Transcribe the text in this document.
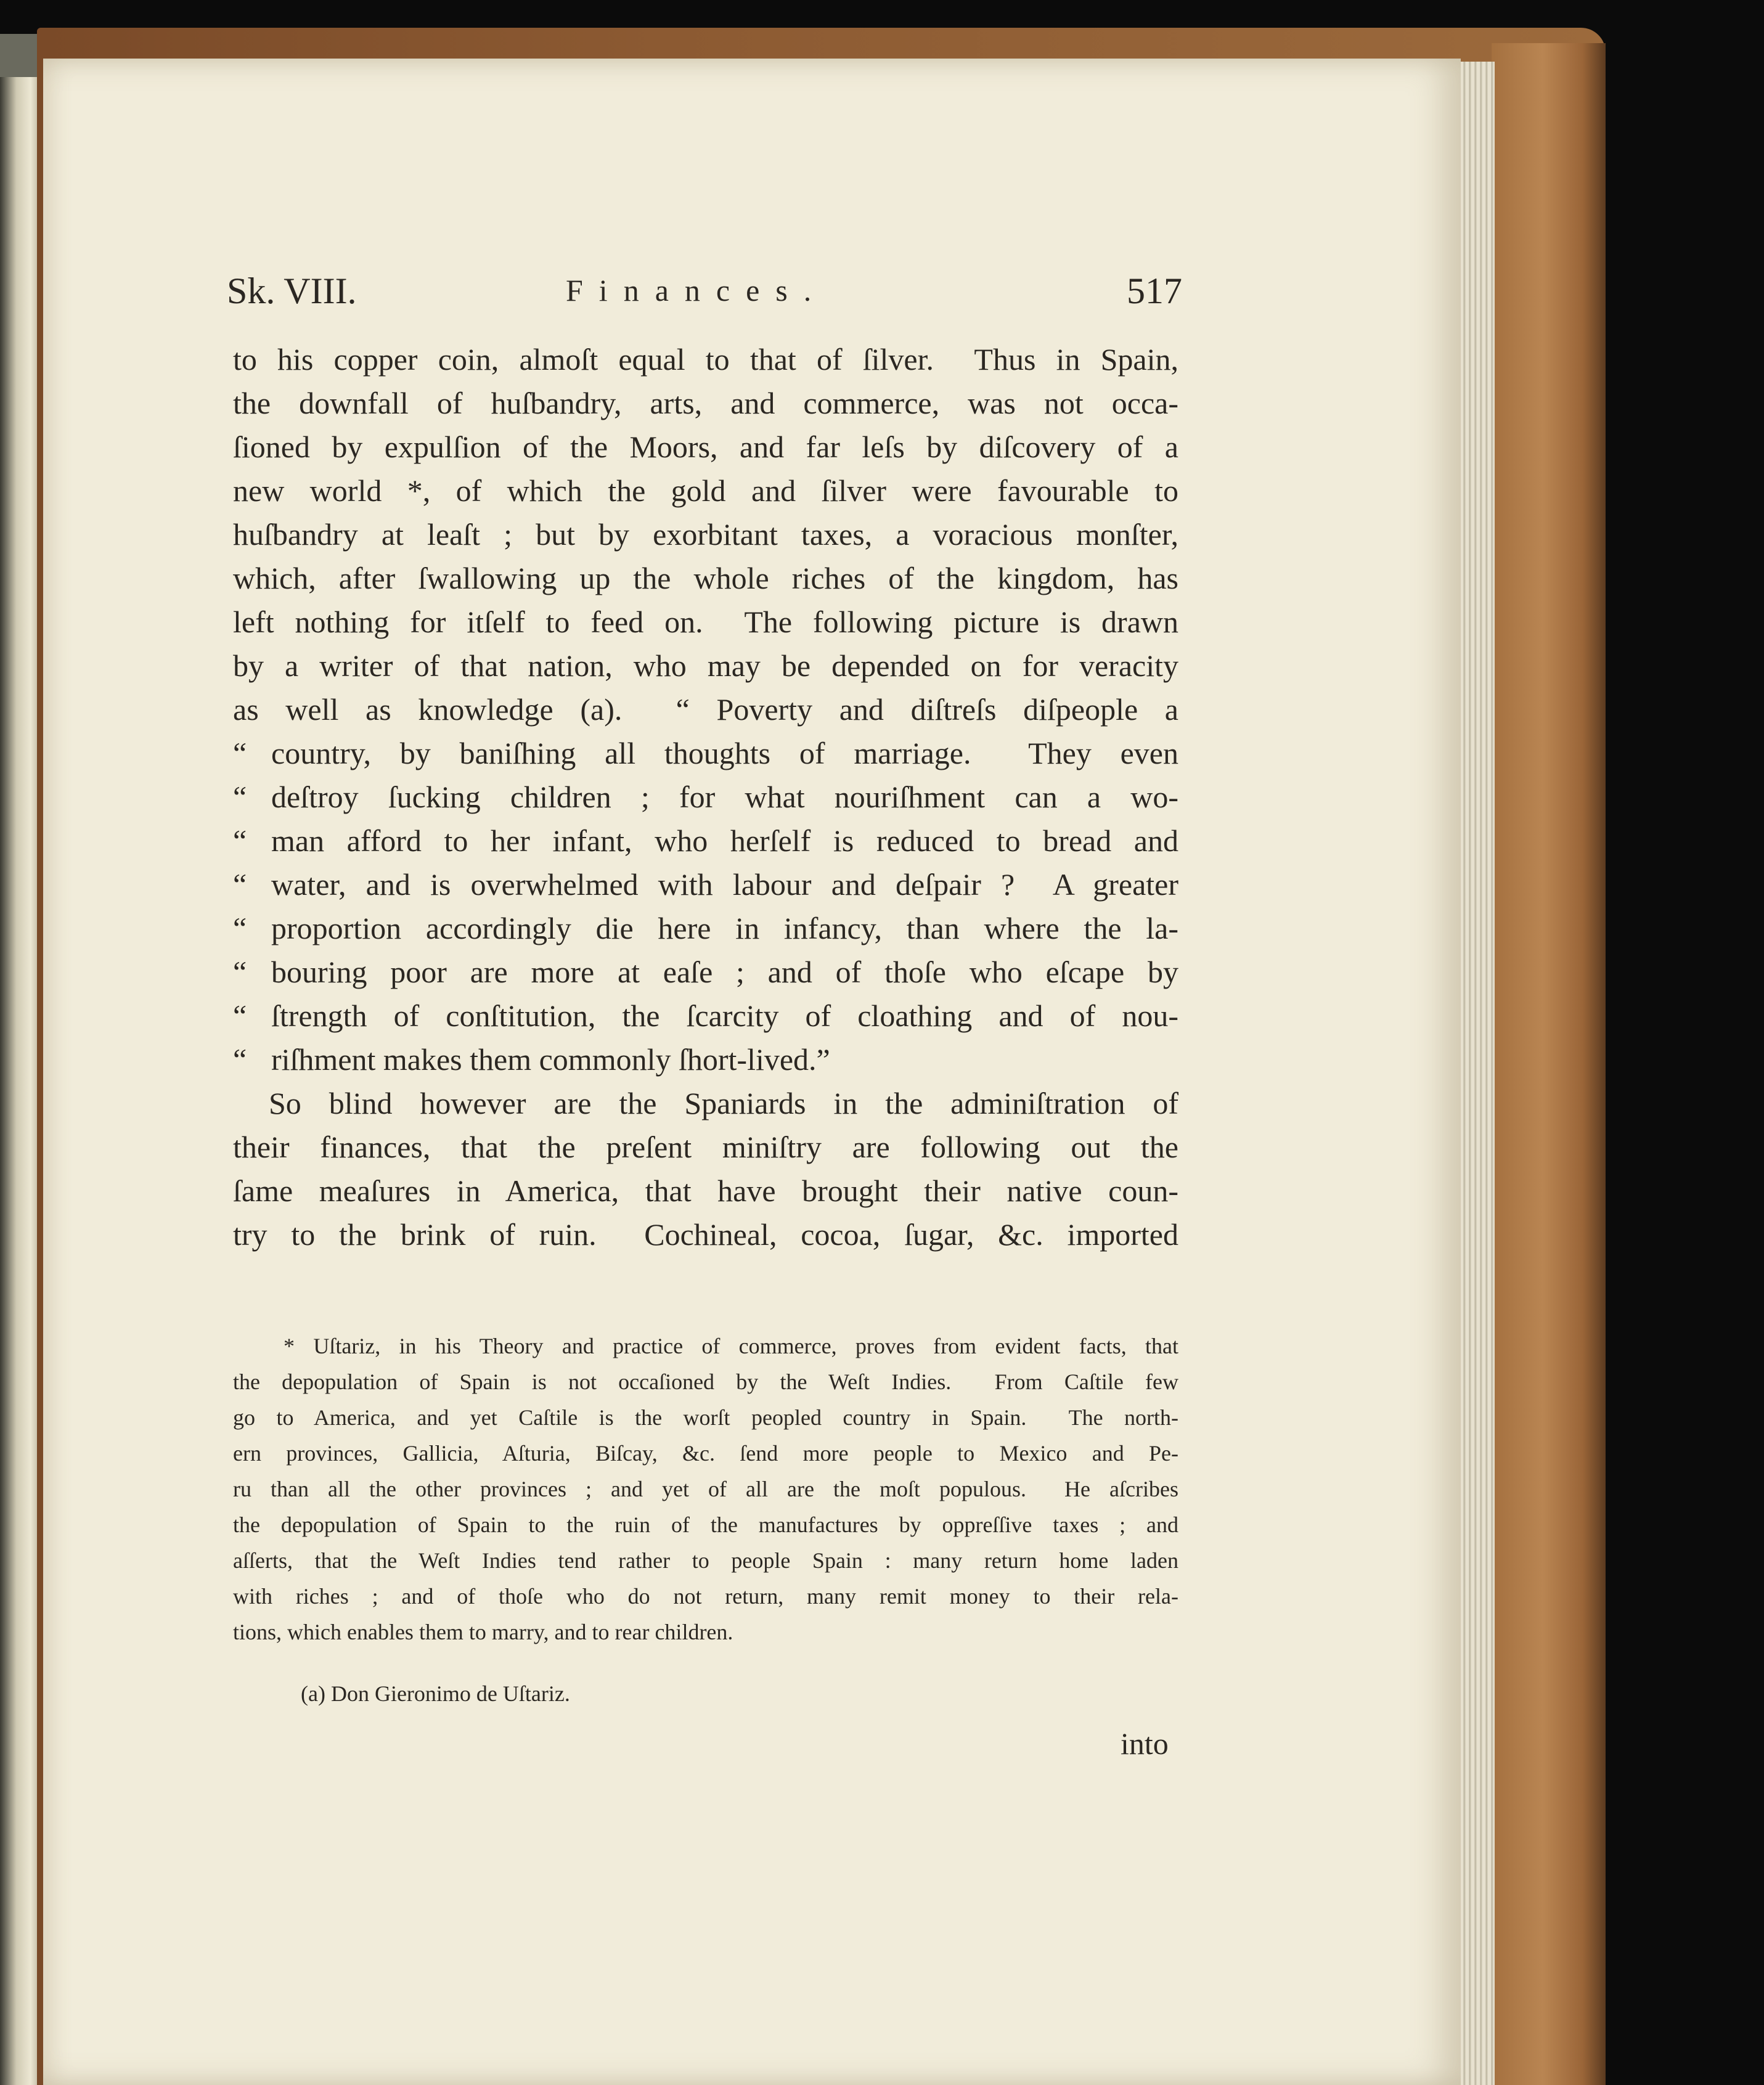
Sk. VIII.	Finances.	517
to his copper coin, almoſt equal to that of ſilver.  Thus in Spain,
the downfall of huſbandry, arts, and commerce, was not occa-
ſioned by expulſion of the Moors, and far leſs by diſcovery of a
new world *, of which the gold and ſilver were favourable to
huſbandry at leaſt ; but by exorbitant taxes, a voracious monſter,
which, after ſwallowing up the whole riches of the kingdom, has
left nothing for itſelf to feed on.  The following picture is drawn
by a writer of that nation, who may be depended on for veracity
as well as knowledge (a).  “ Poverty and diſtreſs diſpeople a
“ country, by baniſhing all thoughts of marriage.  They even
“ deſtroy ſucking children ; for what nouriſhment can a wo-
“ man afford to her infant, who herſelf is reduced to bread and
“ water, and is overwhelmed with labour and deſpair ?  A greater
“ proportion accordingly die here in infancy, than where the la-
“ bouring poor are more at eaſe ; and of thoſe who eſcape by
“ ſtrength of conſtitution, the ſcarcity of cloathing and of nou-
“ riſhment makes them commonly ſhort-lived.”
So blind however are the Spaniards in the adminiſtration of
their finances, that the preſent miniſtry are following out the
ſame meaſures in America, that have brought their native coun-
try to the brink of ruin.  Cochineal, cocoa, ſugar, &c. imported
* Uſtariz, in his Theory and practice of commerce, proves from evident facts, that
the depopulation of Spain is not occaſioned by the Weſt Indies.  From Caſtile few
go to America, and yet Caſtile is the worſt peopled country in Spain.  The north-
ern provinces, Gallicia, Aſturia, Biſcay, &c. ſend more people to Mexico and Pe-
ru than all the other provinces ; and yet of all are the moſt populous.  He aſcribes
the depopulation of Spain to the ruin of the manufactures by oppreſſive taxes ; and
aſſerts, that the Weſt Indies tend rather to people Spain : many return home laden
with riches ; and of thoſe who do not return, many remit money to their rela-
tions, which enables them to marry, and to rear children.
(a) Don Gieronimo de Uſtariz.
into
